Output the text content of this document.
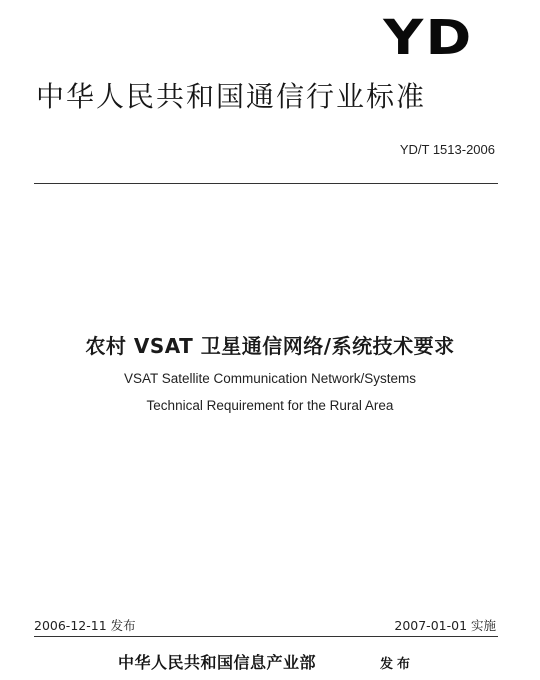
YD
中华人民共和国通信行业标准
YD/T 1513-2006
农村 VSAT 卫星通信网络/系统技术要求
VSAT Satellite Communication Network/Systems
Technical Requirement for the Rural Area
2006-12-11 发布	2007-01-01 实施
中华人民共和国信息产业部	发布
